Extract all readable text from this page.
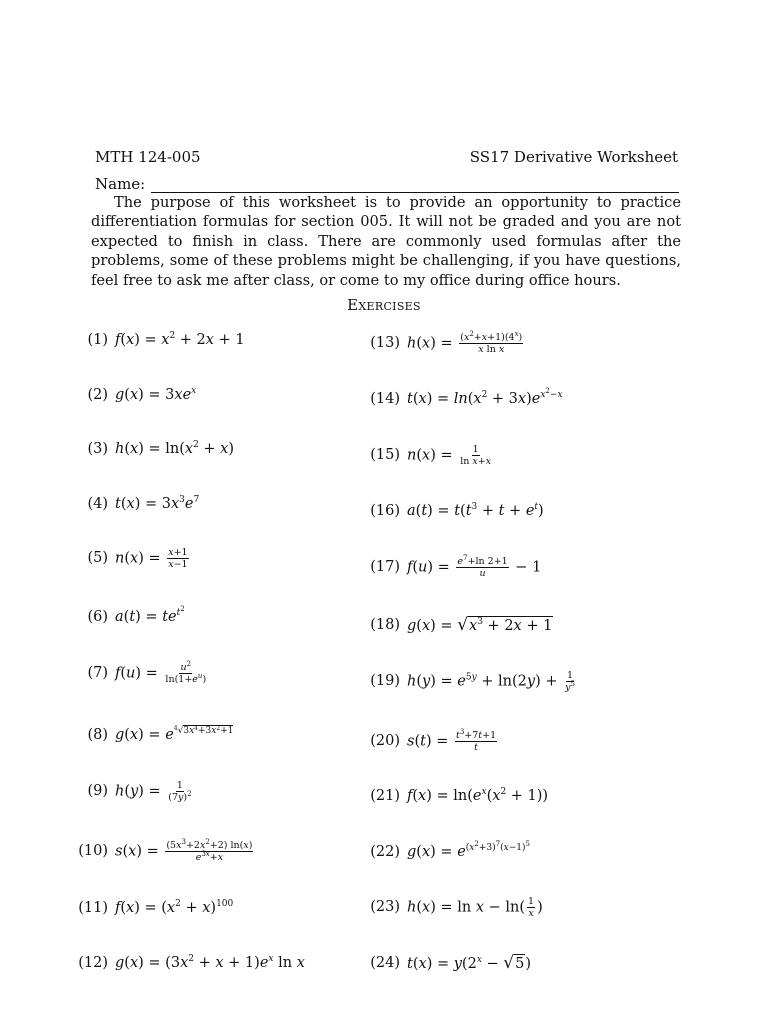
MTH 124-005	SS17 Derivative Worksheet
Name:

The purpose of this worksheet is to provide an opportunity to practice differentiation formulas for section 005. It will not be graded and you are not expected to finish in class. There are commonly used formulas after the problems, some of these problems might be challenging, if you have questions, feel free to ask me after class, or come to my office during office hours.

Exercises
(1) $f(x) = x^2 + 2x + 1$
(2) $g(x) = 3xe^x$
(3) $h(x) = \ln(x^2 + x)$
(4) $t(x) = 3x^3e^7$
(5) $n(x) = \frac{x+1}{x-1}$
(6) $a(t) = te^{t^2}$
(7) $f(u) = \frac{u^2}{\ln(1+e^u)}$
(8) $g(x) = e^{^4√3x^4+3x^2+1}$
(9) $h(y) = \frac{1}{(7y)^2}$
(10) $s(x) = \frac{(5x^3+2x^2+2) \ln(x)}{e^{3x}+x}$
(11) $f(x) = (x^2 + x)^{100}$
(12) $g(x) = (3x^2 + x + 1)e^x$ ln x
(13) $h(x) = \frac{(x^2+x+1)(4^x)}{\text{x ln x}}$
(14) $t(x) = \ln(x^2 + 3x)e^{x^2-x}$
(15) $n(x) = \frac{1}{\text{ln x+x}}$
(16) $a(t) = t(t^3 + t + e^t)$
(17) $f(u) = \frac{e^7+\ln 2+1}{u} - 1$
(18) g(x) = √ $x^3 + 2x + 1$
(19) $h(y) = e^{5y} + \ln(2y) + \frac{1}{y^5}$
(20) $s(t) = \frac{t^3+7t+1}{t}$
(21) $f(x) = \ln(e^x(x^2 + 1))$
(22) $g(x) = e^{(x^2+3)^7(x-1)^5}$
(23) $h(x) = \ln x - \ln( \frac{1}{x}$ )
(24) $t(x) = y(2^x$ − √ 5 )
